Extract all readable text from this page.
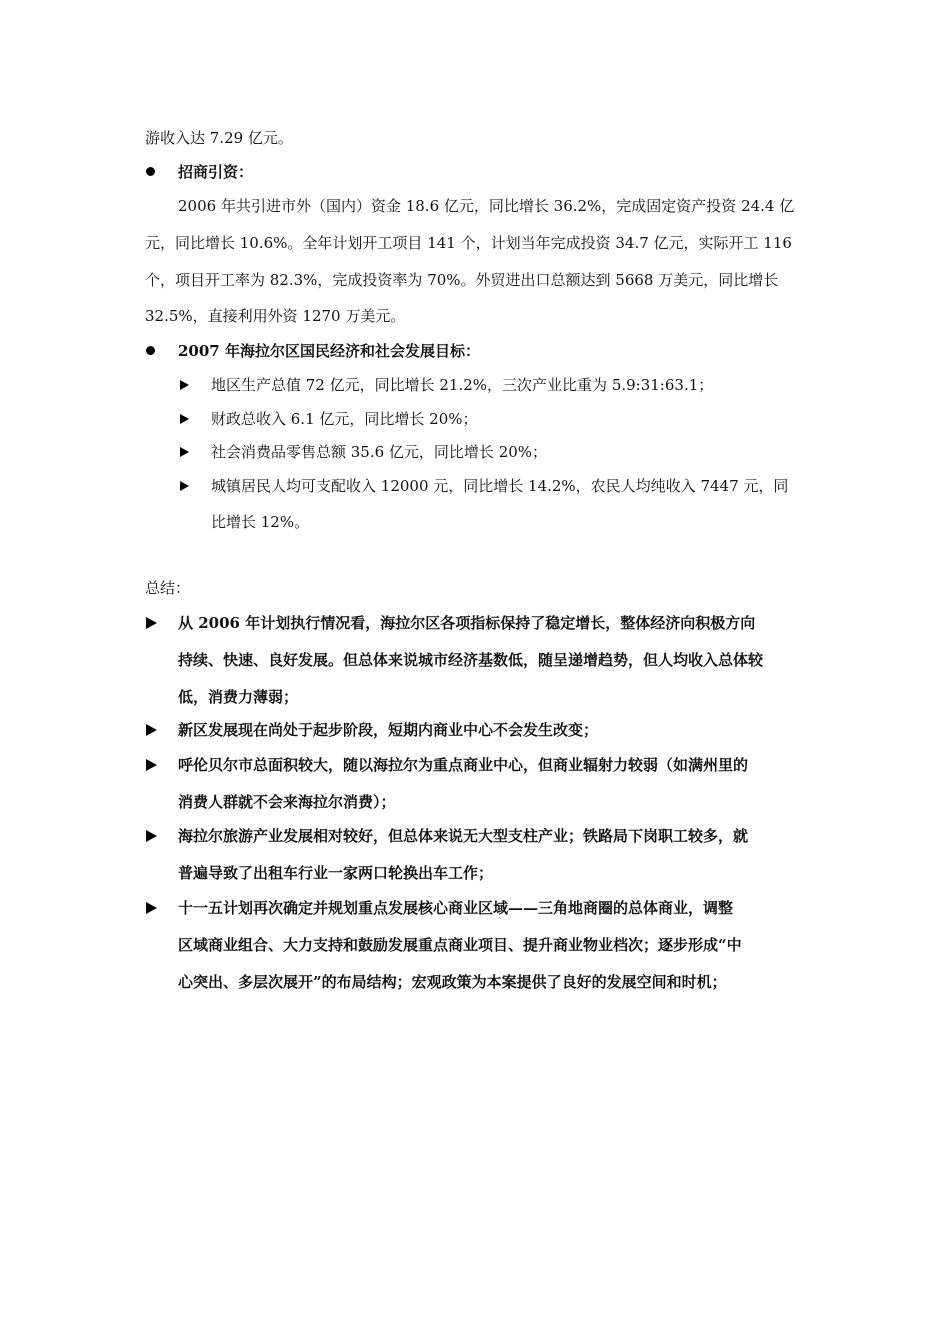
游收入达 7.29 亿元。
招商引资：
2006 年共引进市外（国内）资金 18.6 亿元，同比增长 36.2%，完成固定资产投资 24.4 亿
元，同比增长 10.6%。全年计划开工项目 141 个，计划当年完成投资 34.7 亿元，实际开工 116
个，项目开工率为 82.3%，完成投资率为 70%。外贸进出口总额达到 5668 万美元，同比增长
32.5%，直接利用外资 1270 万美元。
2007 年海拉尔区国民经济和社会发展目标：
地区生产总值 72 亿元，同比增长 21.2%，三次产业比重为 5.9:31:63.1；
财政总收入 6.1 亿元，同比增长 20%；
社会消费品零售总额 35.6 亿元，同比增长 20%；
城镇居民人均可支配收入 12000 元，同比增长 14.2%，农民人均纯收入 7447 元，同
比增长 12%。
总结：
从 2006 年计划执行情况看，海拉尔区各项指标保持了稳定增长，整体经济向积极方向
持续、快速、良好发展。但总体来说城市经济基数低，随呈递增趋势，但人均收入总体较
低，消费力薄弱；
新区发展现在尚处于起步阶段，短期内商业中心不会发生改变；
呼伦贝尔市总面积较大，随以海拉尔为重点商业中心，但商业辐射力较弱（如满州里的
消费人群就不会来海拉尔消费）；
海拉尔旅游产业发展相对较好，但总体来说无大型支柱产业；铁路局下岗职工较多，就
普遍导致了出租车行业一家两口轮换出车工作；
十一五计划再次确定并规划重点发展核心商业区域——三角地商圈的总体商业，调整
区域商业组合、大力支持和鼓励发展重点商业项目、提升商业物业档次；逐步形成“中
心突出、多层次展开”的布局结构；宏观政策为本案提供了良好的发展空间和时机；
